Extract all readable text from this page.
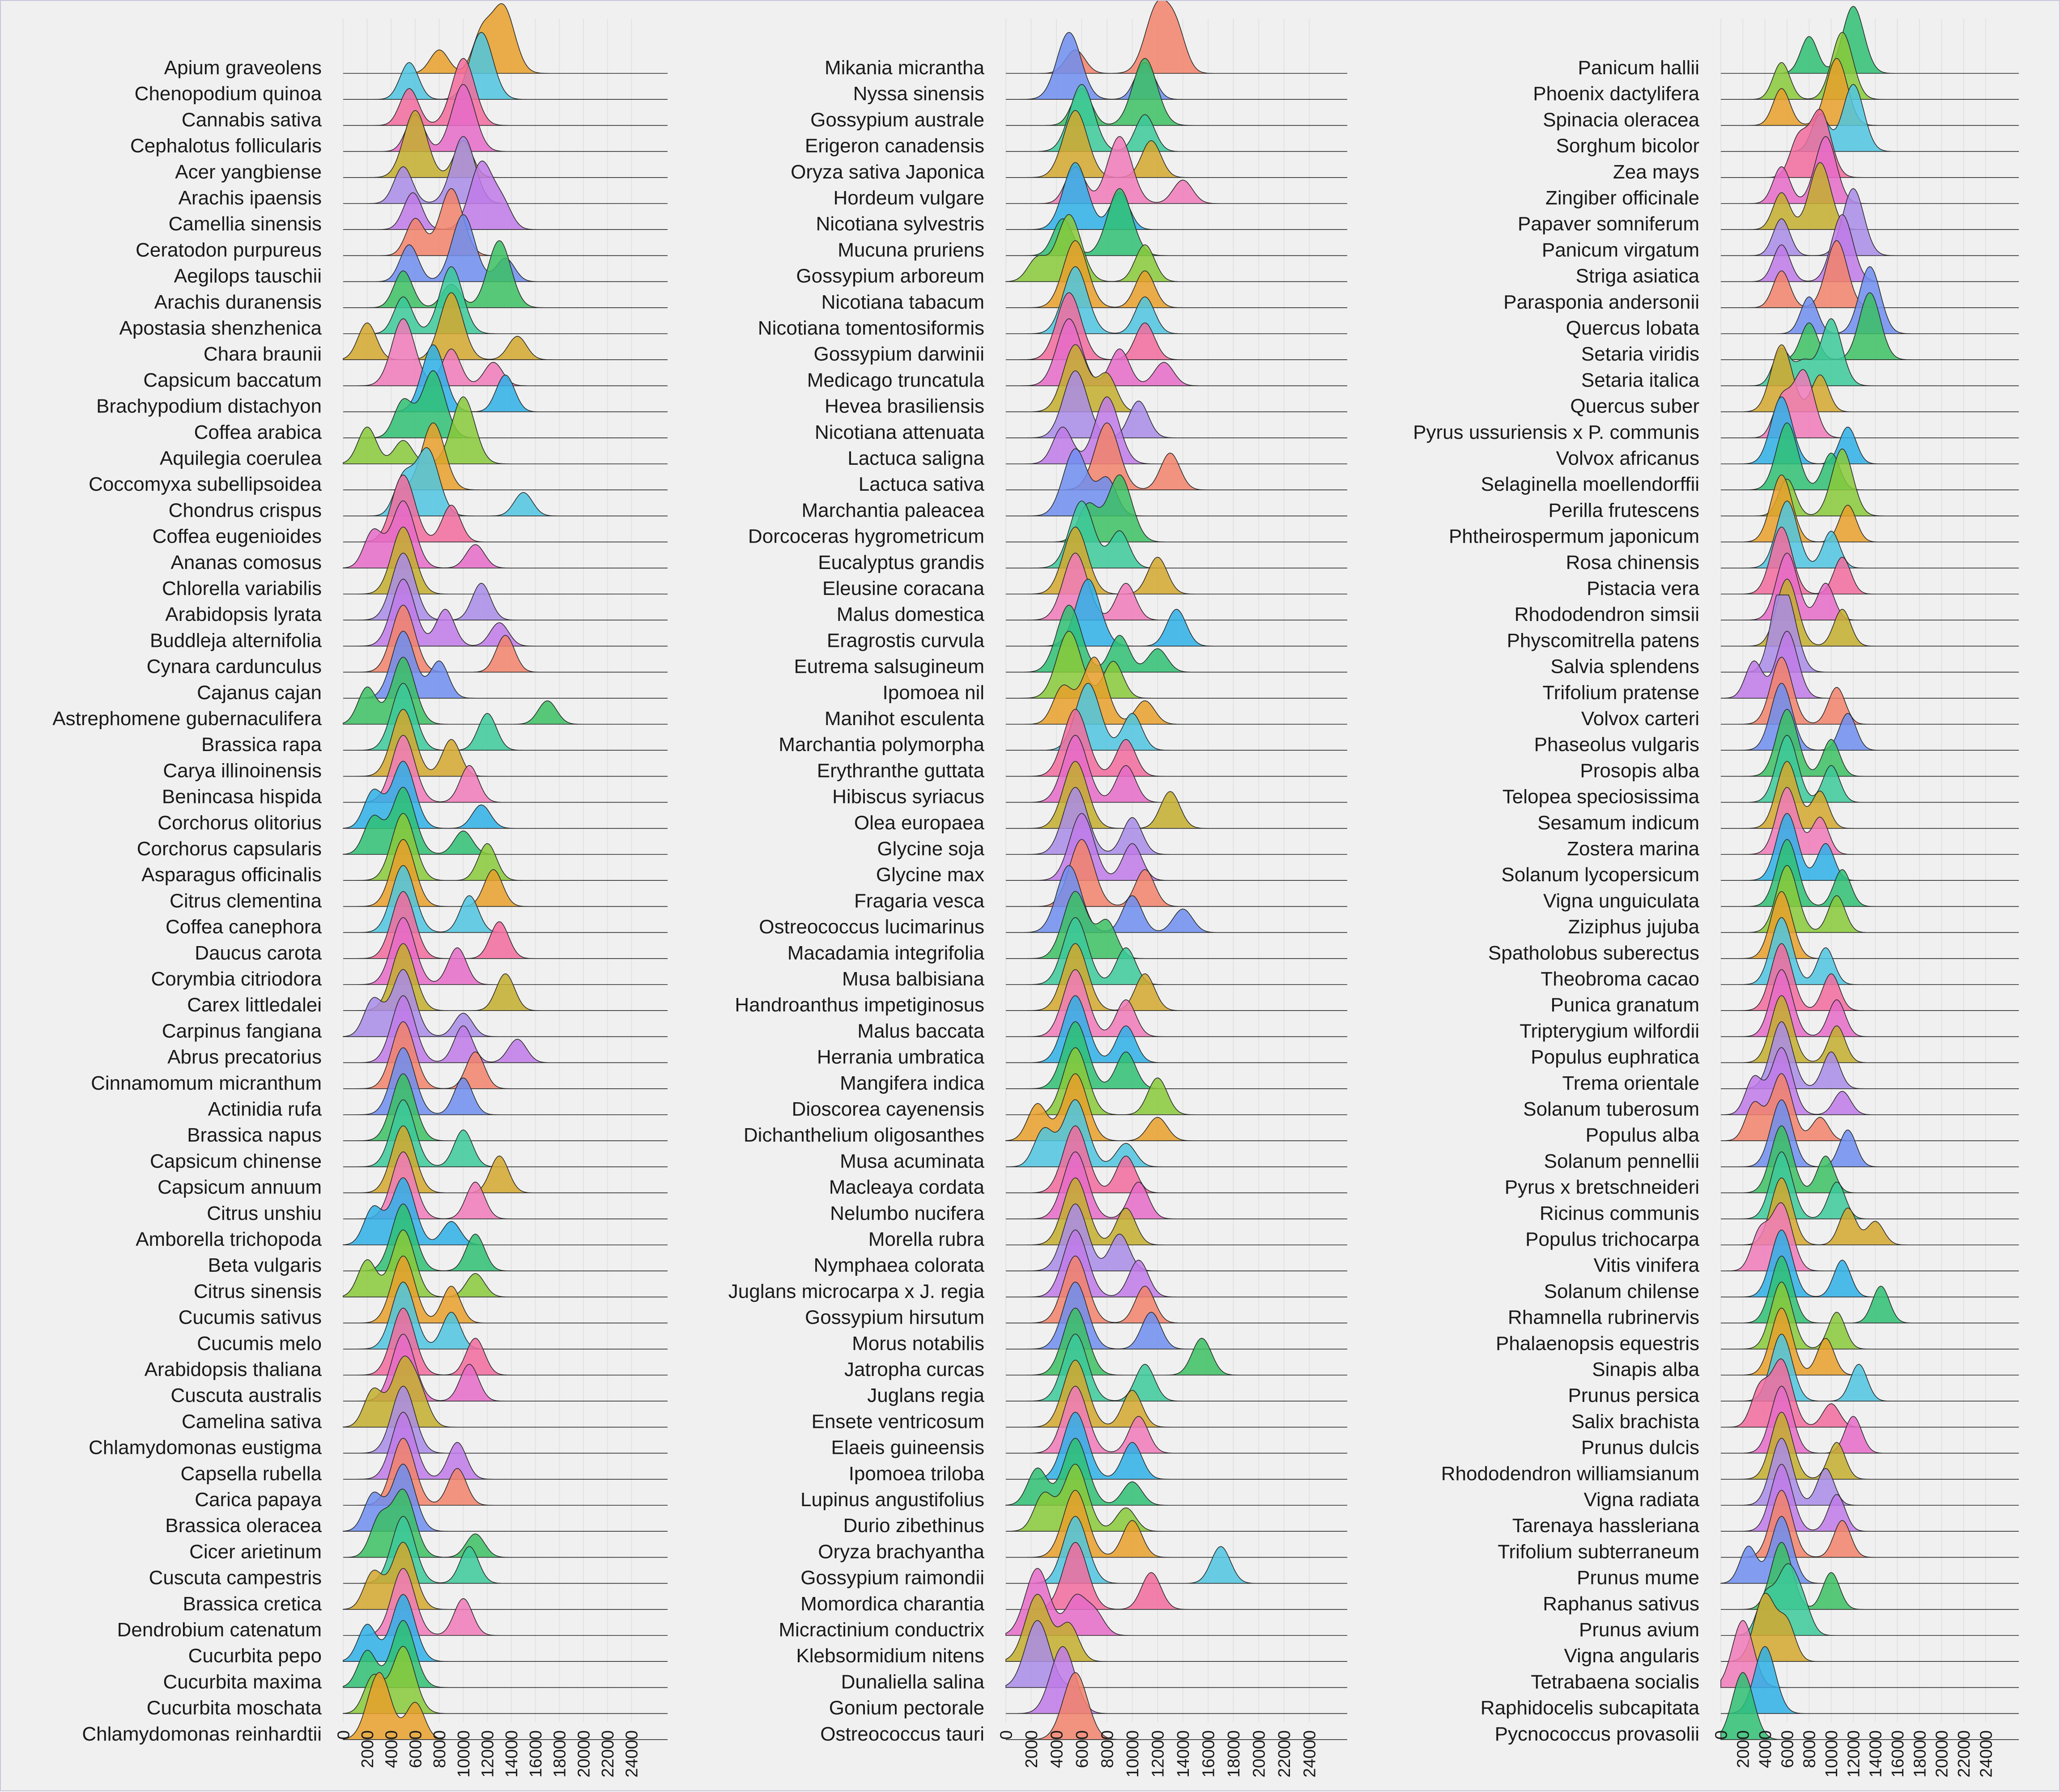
Apium graveolens
Chenopodium quinoa
Cannabis sativa
Cephalotus follicularis
Acer yangbiense
Arachis ipaensis
Camellia sinensis
Ceratodon purpureus
Aegilops tauschii
Arachis duranensis
Apostasia shenzhenica
Chara braunii
Capsicum baccatum
Brachypodium distachyon
Coffea arabica
Aquilegia coerulea
Coccomyxa subellipsoidea
Chondrus crispus
Coffea eugenioides
Ananas comosus
Chlorella variabilis
Arabidopsis lyrata
Buddleja alternifolia
Cynara cardunculus
Cajanus cajan
Astrephomene gubernaculifera
Brassica rapa
Carya illinoinensis
Benincasa hispida
Corchorus olitorius
Corchorus capsularis
Asparagus officinalis
Citrus clementina
Coffea canephora
Daucus carota
Corymbia citriodora
Carex littledalei
Carpinus fangiana
Abrus precatorius
Cinnamomum micranthum
Actinidia rufa
Brassica napus
Capsicum chinense
Capsicum annuum
Citrus unshiu
Amborella trichopoda
Beta vulgaris
Citrus sinensis
Cucumis sativus
Cucumis melo
Arabidopsis thaliana
Cuscuta australis
Camelina sativa
Chlamydomonas eustigma
Capsella rubella
Carica papaya
Brassica oleracea
Cicer arietinum
Cuscuta campestris
Brassica cretica
Dendrobium catenatum
Cucurbita pepo
Cucurbita maxima
Cucurbita moschata
Chlamydomonas reinhardtii 0 2000 4000 6000 8000 10000 12000 14000 16000 18000 20000 22000 24000
Mikania micrantha
Nyssa sinensis
Gossypium australe
Erigeron canadensis
Oryza sativa Japonica
Hordeum vulgare
Nicotiana sylvestris
Mucuna pruriens
Gossypium arboreum
Nicotiana tabacum
Nicotiana tomentosiformis
Gossypium darwinii
Medicago truncatula
Hevea brasiliensis
Nicotiana attenuata
Lactuca saligna
Lactuca sativa
Marchantia paleacea
Dorcoceras hygrometricum
Eucalyptus grandis
Eleusine coracana
Malus domestica
Eragrostis curvula
Eutrema salsugineum
Ipomoea nil
Manihot esculenta
Marchantia polymorpha
Erythranthe guttata
Hibiscus syriacus
Olea europaea
Glycine soja
Glycine max
Fragaria vesca
Ostreococcus lucimarinus
Macadamia integrifolia
Musa balbisiana
Handroanthus impetiginosus
Malus baccata
Herrania umbratica
Mangifera indica
Dioscorea cayenensis
Dichanthelium oligosanthes
Musa acuminata
Macleaya cordata
Nelumbo nucifera
Morella rubra
Nymphaea colorata
Juglans microcarpa x J. regia
Gossypium hirsutum
Morus notabilis
Jatropha curcas
Juglans regia
Ensete ventricosum
Elaeis guineensis
Ipomoea triloba
Lupinus angustifolius
Durio zibethinus
Oryza brachyantha
Gossypium raimondii
Momordica charantia
Micractinium conductrix
Klebsormidium nitens
Dunaliella salina
Gonium pectorale
Ostreococcus tauri 0 2000 4000 6000 8000 10000 12000 14000 16000 18000 20000 22000 24000
Panicum hallii
Phoenix dactylifera
Spinacia oleracea
Sorghum bicolor
Zea mays
Zingiber officinale
Papaver somniferum
Panicum virgatum
Striga asiatica
Parasponia andersonii
Quercus lobata
Setaria viridis
Setaria italica
Quercus suber
Pyrus ussuriensis x P. communis
Volvox africanus
Selaginella moellendorffii
Perilla frutescens
Phtheirospermum japonicum
Rosa chinensis
Pistacia vera
Rhododendron simsii
Physcomitrella patens
Salvia splendens
Trifolium pratense
Volvox carteri
Phaseolus vulgaris
Prosopis alba
Telopea speciosissima
Sesamum indicum
Zostera marina
Solanum lycopersicum
Vigna unguiculata
Ziziphus jujuba
Spatholobus suberectus
Theobroma cacao
Punica granatum
Tripterygium wilfordii
Populus euphratica
Trema orientale
Solanum tuberosum
Populus alba
Solanum pennellii
Pyrus x bretschneideri
Ricinus communis
Populus trichocarpa
Vitis vinifera
Solanum chilense
Rhamnella rubrinervis
Phalaenopsis equestris
Sinapis alba
Prunus persica
Salix brachista
Prunus dulcis
Rhododendron williamsianum
Vigna radiata
Tarenaya hassleriana
Trifolium subterraneum
Prunus mume
Raphanus sativus
Prunus avium
Vigna angularis
Tetrabaena socialis
Raphidocelis subcapitata
Pycnococcus provasolii 0 2000 4000 6000 8000 10000 12000 14000 16000 18000 20000 22000 24000
